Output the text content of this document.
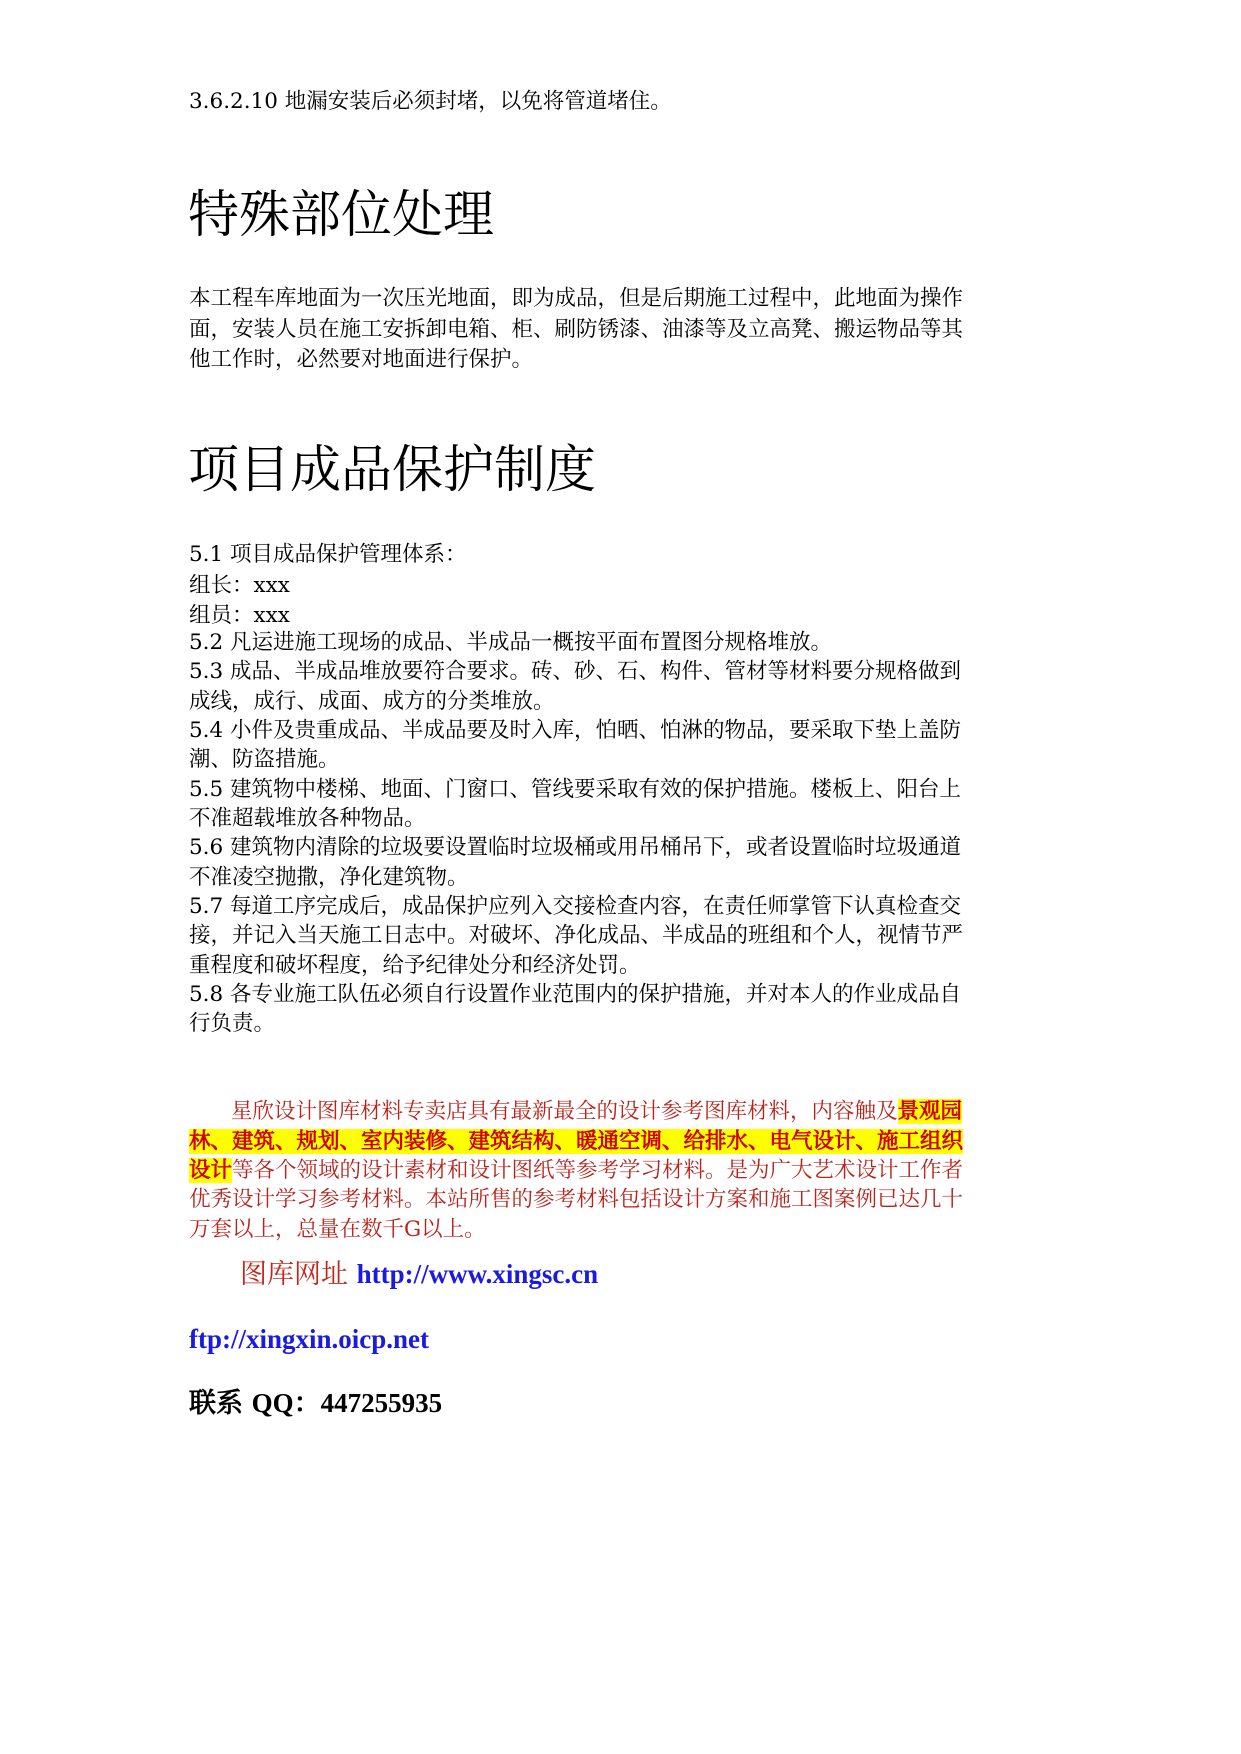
3.6.2.10 地漏安装后必须封堵，以免将管道堵住。
特殊部位处理
本工程车库地面为一次压光地面，即为成品，但是后期施工过程中，此地面为操作
面，安装人员在施工安拆卸电箱、柜、刷防锈漆、油漆等及立高凳、搬运物品等其
他工作时，必然要对地面进行保护。
项目成品保护制度
5.1 项目成品保护管理体系：
组长：xxx
组员：xxx
5.2 凡运进施工现场的成品、半成品一概按平面布置图分规格堆放。
5.3 成品、半成品堆放要符合要求。砖、砂、石、构件、管材等材料要分规格做到
成线，成行、成面、成方的分类堆放。
5.4 小件及贵重成品、半成品要及时入库，怕晒、怕淋的物品，要采取下垫上盖防
潮、防盗措施。
5.5 建筑物中楼梯、地面、门窗口、管线要采取有效的保护措施。楼板上、阳台上
不准超载堆放各种物品。
5.6 建筑物内清除的垃圾要设置临时垃圾桶或用吊桶吊下，或者设置临时垃圾通道
不准凌空抛撒，净化建筑物。
5.7 每道工序完成后，成品保护应列入交接检查内容，在责任师掌管下认真检查交
接，并记入当天施工日志中。对破坏、净化成品、半成品的班组和个人，视情节严
重程度和破坏程度，给予纪律处分和经济处罚。
5.8 各专业施工队伍必须自行设置作业范围内的保护措施，并对本人的作业成品自
行负责。
星欣设计图库材料专卖店具有最新最全的设计参考图库材料，内容触及景观园
林、建筑、规划、室内装修、建筑结构、暖通空调、给排水、电气设计、施工组织
设计等各个领域的设计素材和设计图纸等参考学习材料。是为广大艺术设计工作者
优秀设计学习参考材料。本站所售的参考材料包括设计方案和施工图案例已达几十
万套以上，总量在数千G以上。
图库网址 http://www.xingsc.cn
ftp://xingxin.oicp.net
联系 QQ：447255935
